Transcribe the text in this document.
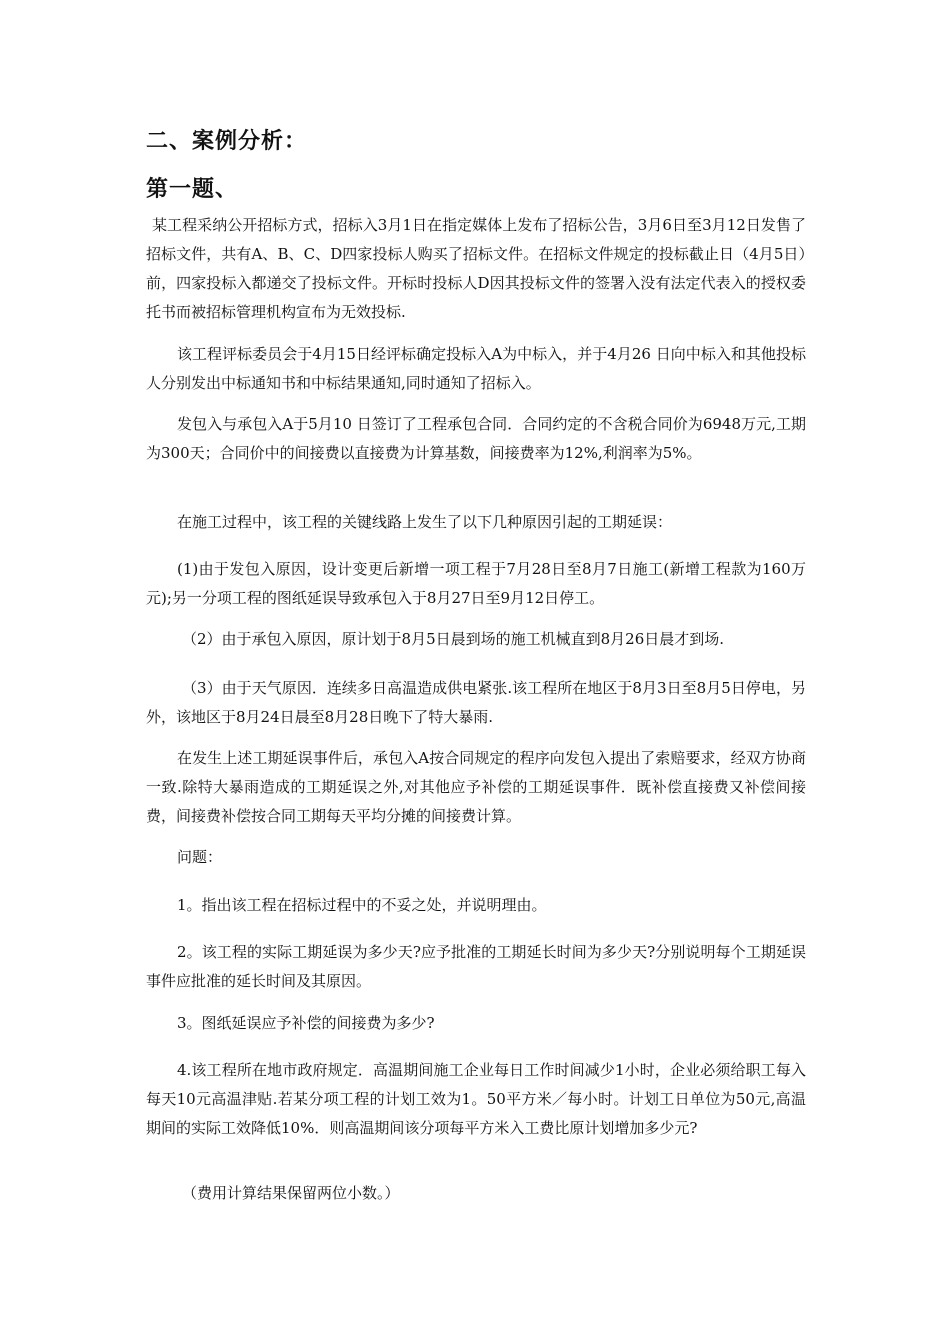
二、案例分析：
第一题、

某工程采纳公开招标方式，招标入3月1日在指定媒体上发布了招标公告，3月6日至3月12日发售了招标文件，共有A、B、C、D四家投标人购买了招标文件。在招标文件规定的投标截止日（4月5日）前，四家投标入都递交了投标文件。开标时投标人D因其投标文件的签署入没有法定代表入的授权委托书而被招标管理机构宣布为无效投标.

该工程评标委员会于4月15日经评标确定投标入A为中标入，并于4月26 日向中标入和其他投标人分别发出中标通知书和中标结果通知,同时通知了招标入。

发包入与承包入A于5月10 日签订了工程承包合同．合同约定的不含税合同价为6948万元,工期为300天；合同价中的间接费以直接费为计算基数，间接费率为12%,利润率为5%。

在施工过程中，该工程的关键线路上发生了以下几种原因引起的工期延误：

(1)由于发包入原因，设计变更后新增一项工程于7月28日至8月7日施工(新增工程款为160万元);另一分项工程的图纸延误导致承包入于8月27日至9月12日停工。

（2）由于承包入原因，原计划于8月5日晨到场的施工机械直到8月26日晨才到场.

（3）由于天气原因．连续多日高温造成供电紧张.该工程所在地区于8月3日至8月5日停电，另外，该地区于8月24日晨至8月28日晚下了特大暴雨.

在发生上述工期延误事件后，承包入A按合同规定的程序向发包入提出了索赔要求，经双方协商一致.除特大暴雨造成的工期延误之外,对其他应予补偿的工期延误事件．既补偿直接费又补偿间接费，间接费补偿按合同工期每天平均分摊的间接费计算。

问题：

1。指出该工程在招标过程中的不妥之处，并说明理由。

2。该工程的实际工期延误为多少天?应予批准的工期延长时间为多少天?分别说明每个工期延误事件应批准的延长时间及其原因。

3。图纸延误应予补偿的间接费为多少?

4.该工程所在地市政府规定．高温期间施工企业每日工作时间减少1小时，企业必须给职工每入每天10元高温津贴.若某分项工程的计划工效为1。50平方米／每小时。计划工日单位为50元,高温期间的实际工效降低10%．则高温期间该分项每平方米入工费比原计划增加多少元?

（费用计算结果保留两位小数。）
